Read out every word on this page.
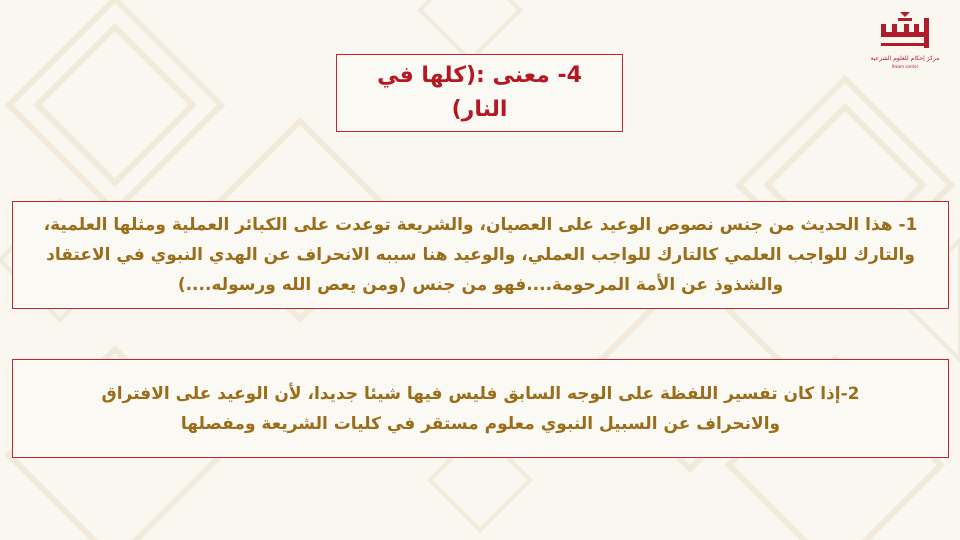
مركز إحكام للعلوم الشرعية
Ihkam center
4- معنى :(كلها في النار)
1- هذا الحديث من جنس نصوص الوعيد على العصيان، والشريعة توعدت على الكبائر العملية ومثلها العلمية، والتارك للواجب العلمي كالتارك للواجب العملي، والوعيد هنا سببه الانحراف عن الهدي النبوي في الاعتقاد والشذوذ عن الأمة المرحومة....فهو من جنس (ومن يعص الله ورسوله....)
2-إذا كان تفسير اللفظة على الوجه السابق فليس فيها شيئا جديدا، لأن الوعيد على الافتراق والانحراف عن السبيل النبوي معلوم مستقر في كليات الشريعة ومفصلها
